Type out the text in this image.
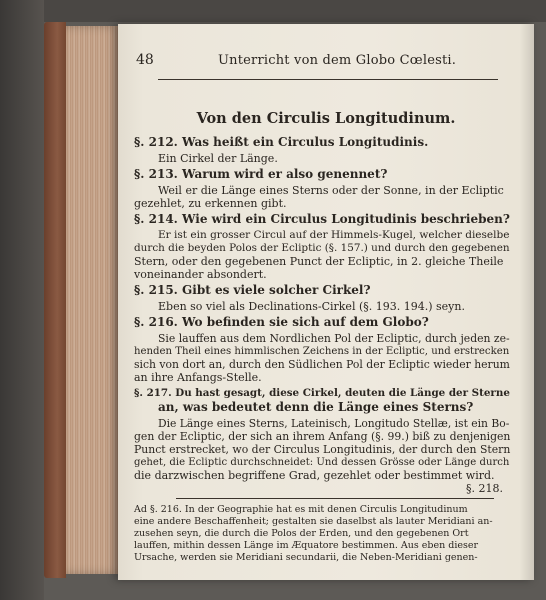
48	Unterricht von dem Globo Cœlesti.
Von den Circulis Longitudinum.
§. 212. Was heißt ein Circulus Longitudinis.
Ein Cirkel der Länge.
§. 213. Warum wird er also genennet?
Weil er die Länge eines Sterns oder der Sonne, in der Ecliptic
gezehlet, zu erkennen gibt.
§. 214. Wie wird ein Circulus Longitudinis beschrieben?
Er ist ein grosser Circul auf der Himmels-Kugel, welcher dieselbe
durch die beyden Polos der Ecliptic (§. 157.) und durch den gegebenen
Stern, oder den gegebenen Punct der Ecliptic, in 2. gleiche Theile
voneinander absondert.
§. 215. Gibt es viele solcher Cirkel?
Eben so viel als Declinations-Cirkel (§. 193. 194.) seyn.
§. 216. Wo befinden sie sich auf dem Globo?
Sie lauffen aus dem Nordlichen Pol der Ecliptic, durch jeden ze-
henden Theil eines himmlischen Zeichens in der Ecliptic, und erstrecken
sich von dort an, durch den Südlichen Pol der Ecliptic wieder herum
an ihre Anfangs-Stelle.
§. 217. Du hast gesagt, diese Cirkel, deuten die Länge der Sterne
an, was bedeutet denn die Länge eines Sterns?
Die Länge eines Sterns, Lateinisch, Longitudo Stellæ, ist ein Bo-
gen der Ecliptic, der sich an ihrem Anfang (§. 99.) biß zu denjenigen
Punct erstrecket, wo der Circulus Longitudinis, der durch den Stern
gehet, die Ecliptic durchschneidet: Und dessen Grösse oder Länge durch
die darzwischen begriffene Grad, gezehlet oder bestimmet wird.
§. 218.
Ad §. 216. In der Geographie hat es mit denen Circulis Longitudinum
eine andere Beschaffenheit; gestalten sie daselbst als lauter Meridiani an-
zusehen seyn, die durch die Polos der Erden, und den gegebenen Ort
lauffen, mithin dessen Länge im Æquatore bestimmen. Aus eben dieser
Ursache, werden sie Meridiani secundarii, die Neben-Meridiani genen-
